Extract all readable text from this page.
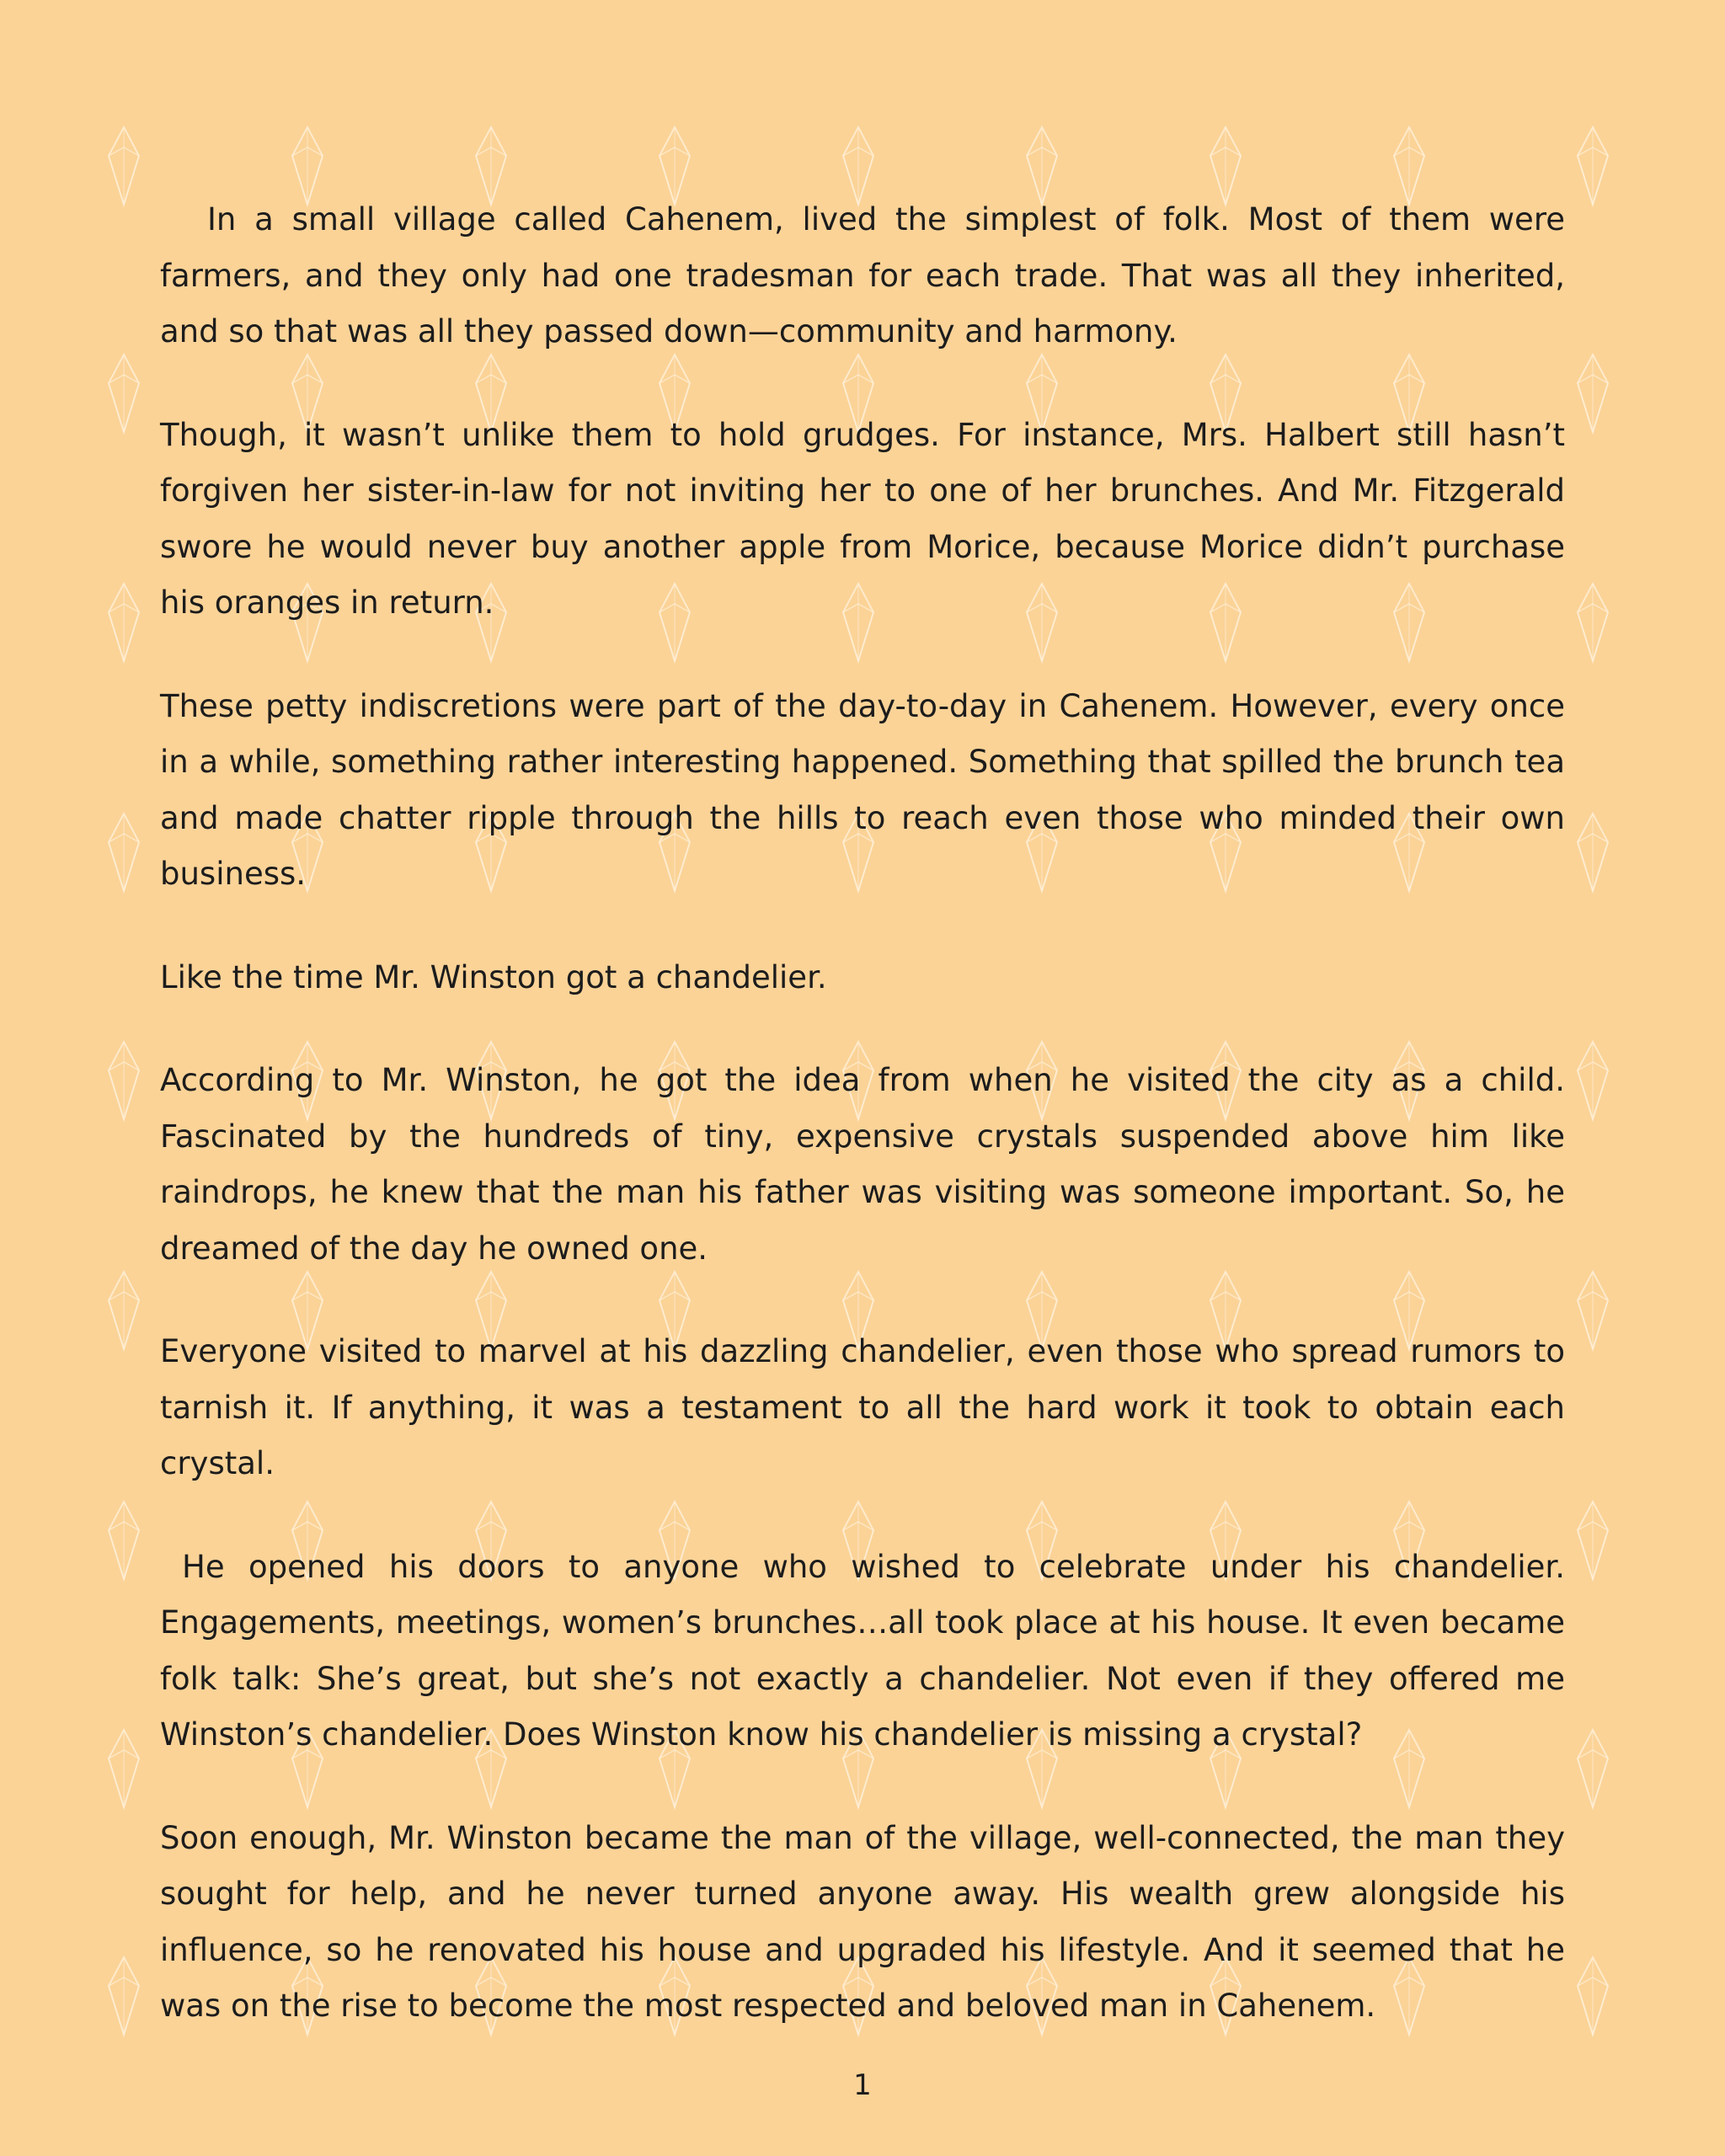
In a small village called Cahenem, lived the simplest of folk. Most of them were farmers, and they only had one tradesman for each trade. That was all they inherited, and so that was all they passed down—community and harmony.

Though, it wasn’t unlike them to hold grudges. For instance, Mrs. Halbert still hasn’t forgiven her sister-in-law for not inviting her to one of her brunches. And Mr. Fitzgerald swore he would never buy another apple from Morice, because Morice didn’t purchase his oranges in return.

These petty indiscretions were part of the day-to-day in Cahenem. However, every once in a while, something rather interesting happened. Something that spilled the brunch tea and made chatter ripple through the hills to reach even those who minded their own business.

Like the time Mr. Winston got a chandelier.

According to Mr. Winston, he got the idea from when he visited the city as a child. Fascinated by the hundreds of tiny, expensive crystals suspended above him like raindrops, he knew that the man his father was visiting was someone important. So, he dreamed of the day he owned one.

Everyone visited to marvel at his dazzling chandelier, even those who spread rumors to tarnish it. If anything, it was a testament to all the hard work it took to obtain each crystal.

He opened his doors to anyone who wished to celebrate under his chandelier. Engagements, meetings, women’s brunches…all took place at his house. It even became folk talk: She’s great, but she’s not exactly a chandelier. Not even if they offered me Winston’s chandelier. Does Winston know his chandelier is missing a crystal?

Soon enough, Mr. Winston became the man of the village, well-connected, the man they sought for help, and he never turned anyone away. His wealth grew alongside his influence, so he renovated his house and upgraded his lifestyle. And it seemed that he was on the rise to become the most respected and beloved man in Cahenem.

1
